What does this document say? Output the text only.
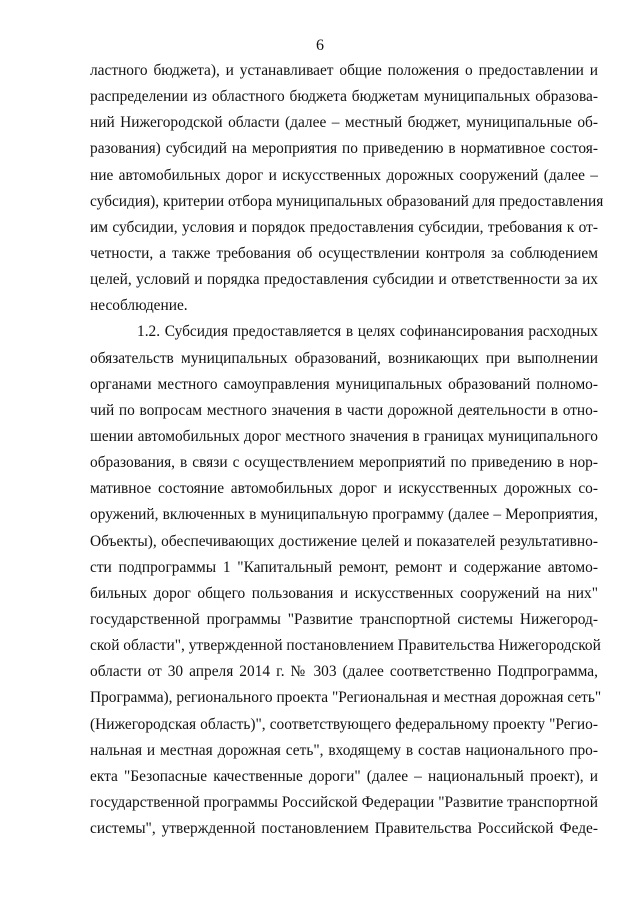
6
ластного бюджета), и устанавливает общие положения о предоставлении и
распределении из областного бюджета бюджетам муниципальных образова-
ний Нижегородской области (далее – местный бюджет, муниципальные об-
разования) субсидий на мероприятия по приведению в нормативное состоя-
ние автомобильных дорог и искусственных дорожных сооружений (далее –
субсидия), критерии отбора муниципальных образований для предоставления
им субсидии, условия и порядок предоставления субсидии, требования к от-
четности, а также требования об осуществлении контроля за соблюдением
целей, условий и порядка предоставления субсидии и ответственности за их
несоблюдение.
1.2. Субсидия предоставляется в целях софинансирования расходных
обязательств муниципальных образований, возникающих при выполнении
органами местного самоуправления муниципальных образований полномо-
чий по вопросам местного значения в части дорожной деятельности в отно-
шении автомобильных дорог местного значения в границах муниципального
образования, в связи с осуществлением мероприятий по приведению в нор-
мативное состояние автомобильных дорог и искусственных дорожных со-
оружений, включенных в муниципальную программу (далее – Мероприятия,
Объекты), обеспечивающих достижение целей и показателей результативно-
сти подпрограммы 1 "Капитальный ремонт, ремонт и содержание автомо-
бильных дорог общего пользования и искусственных сооружений на них"
государственной программы "Развитие транспортной системы Нижегород-
ской области", утвержденной постановлением Правительства Нижегородской
области от 30 апреля 2014 г. № 303 (далее соответственно Подпрограмма,
Программа), регионального проекта "Региональная и местная дорожная сеть"
(Нижегородская область)", соответствующего федеральному проекту "Регио-
нальная и местная дорожная сеть", входящему в состав национального про-
екта "Безопасные качественные дороги" (далее – национальный проект), и
государственной программы Российской Федерации "Развитие транспортной
системы", утвержденной постановлением Правительства Российской Феде-
